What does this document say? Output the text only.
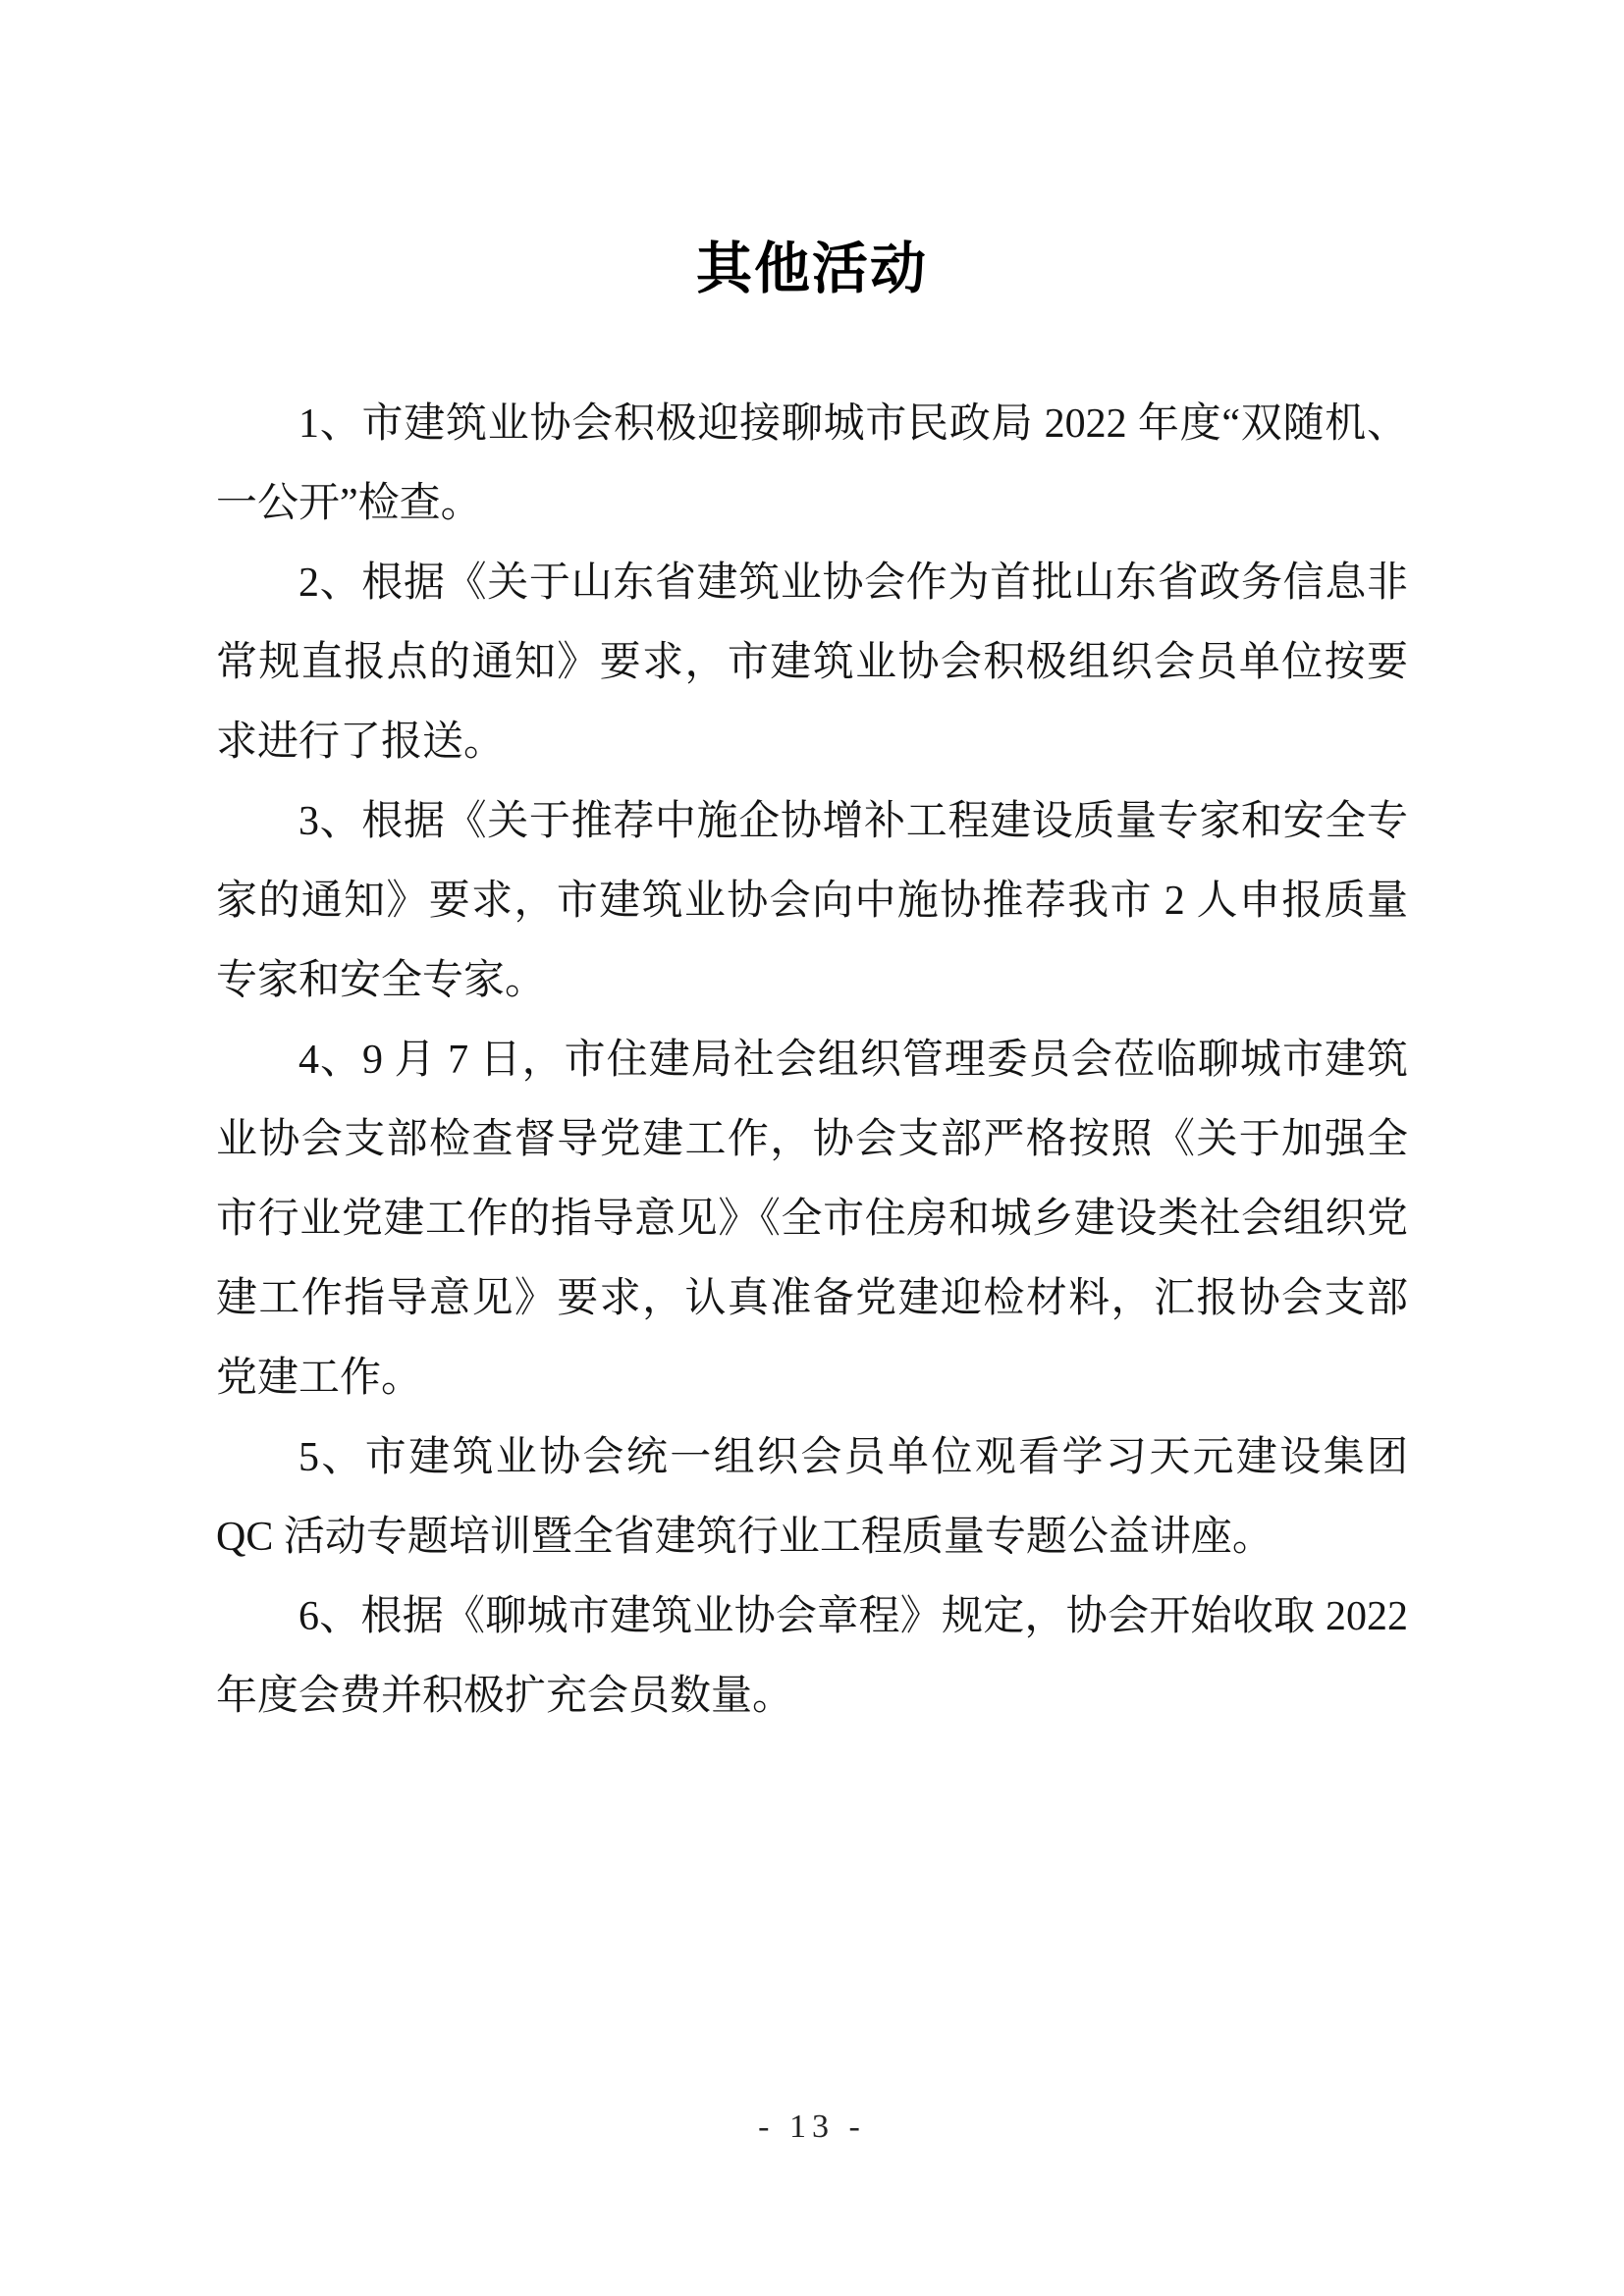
其他活动

1、市建筑业协会积极迎接聊城市民政局 2022 年度“双随机、一公开”检查。

2、根据《关于山东省建筑业协会作为首批山东省政务信息非常规直报点的通知》要求，市建筑业协会积极组织会员单位按要求进行了报送。

3、根据《关于推荐中施企协增补工程建设质量专家和安全专家的通知》要求，市建筑业协会向中施协推荐我市 2 人申报质量专家和安全专家。

4、9 月 7 日，市住建局社会组织管理委员会莅临聊城市建筑业协会支部检查督导党建工作，协会支部严格按照《关于加强全市行业党建工作的指导意见》《全市住房和城乡建设类社会组织党建工作指导意见》要求，认真准备党建迎检材料，汇报协会支部党建工作。

5、市建筑业协会统一组织会员单位观看学习天元建设集团 QC 活动专题培训暨全省建筑行业工程质量专题公益讲座。

6、根据《聊城市建筑业协会章程》规定，协会开始收取 2022 年度会费并积极扩充会员数量。

- 13 -
